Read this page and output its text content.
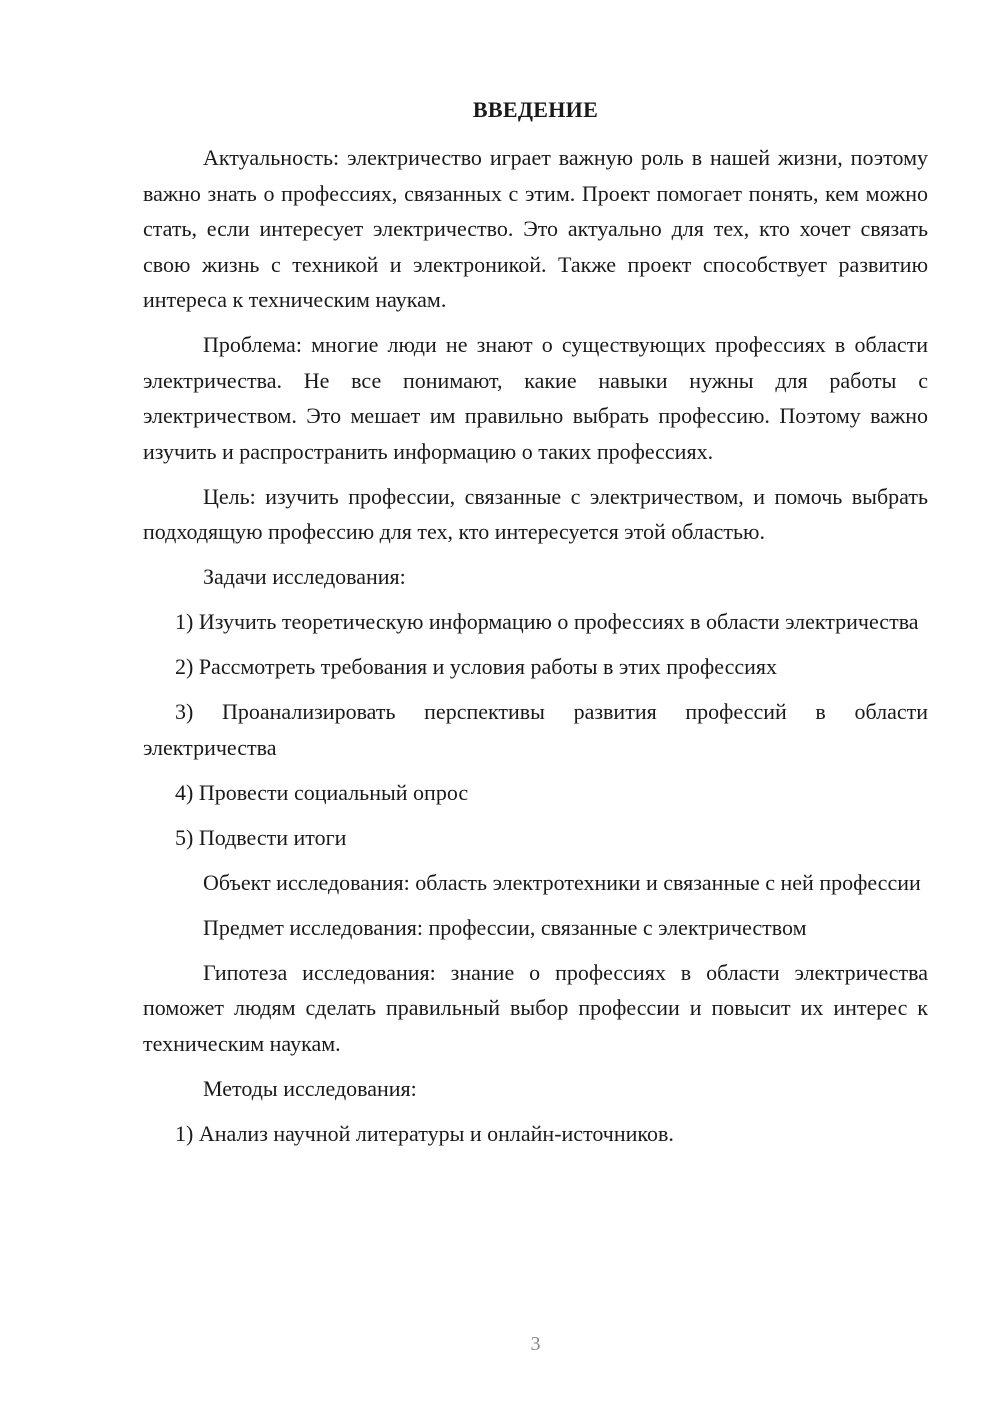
ВВЕДЕНИЕ

Актуальность: электричество играет важную роль в нашей жизни, поэтому важно знать о профессиях, связанных с этим. Проект помогает понять, кем можно стать, если интересует электричество. Это актуально для тех, кто хочет связать свою жизнь с техникой и электроникой. Также проект способствует развитию интереса к техническим наукам.

Проблема: многие люди не знают о существующих профессиях в области электричества. Не все понимают, какие навыки нужны для работы с электричеством. Это мешает им правильно выбрать профессию. Поэтому важно изучить и распространить информацию о таких профессиях.

Цель: изучить профессии, связанные с электричеством, и помочь выбрать подходящую профессию для тех, кто интересуется этой областью.

Задачи исследования:

1) Изучить теоретическую информацию о профессиях в области электричества

2) Рассмотреть требования и условия работы в этих профессиях

3) Проанализировать перспективы развития профессий в области электричества

4) Провести социальный опрос

5) Подвести итоги

Объект исследования: область электротехники и связанные с ней профессии

Предмет исследования: профессии, связанные с электричеством

Гипотеза исследования: знание о профессиях в области электричества поможет людям сделать правильный выбор профессии и повысит их интерес к техническим наукам.

Методы исследования:

1) Анализ научной литературы и онлайн-источников.

3
